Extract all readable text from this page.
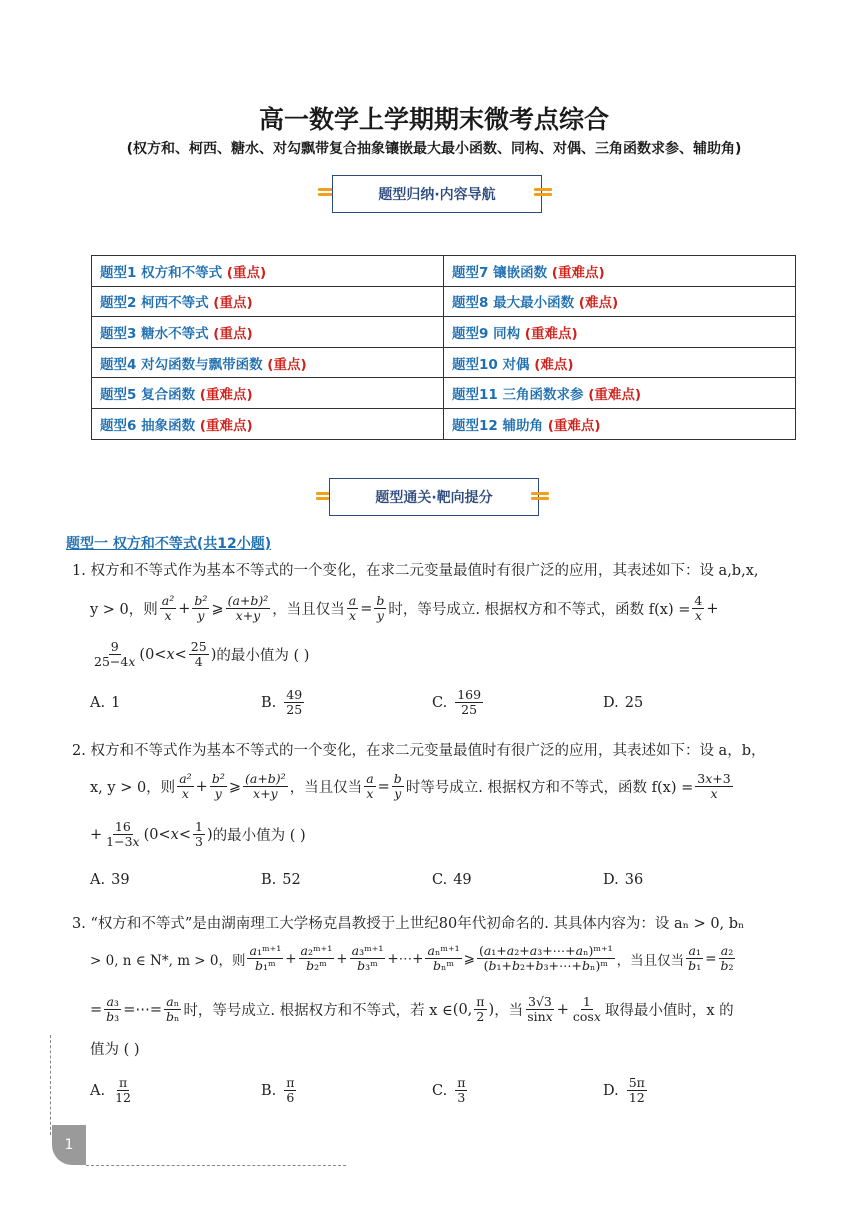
高一数学上学期期末微考点综合
(权方和、柯西、糖水、对勾飘带复合抽象镶嵌最大最小函数、同构、对偶、三角函数求参、辅助角)
题型归纳·内容导航
题型1 权方和不等式 (重点)	题型7 镶嵌函数 (重难点)
题型2 柯西不等式 (重点)	题型8 最大最小函数 (难点)
题型3 糖水不等式 (重点)	题型9 同构 (重难点)
题型4 对勾函数与飘带函数 (重点)	题型10 对偶 (难点)
题型5 复合函数 (重难点)	题型11 三角函数求参 (重难点)
题型6 抽象函数 (重难点)	题型12 辅助角 (重难点)
题型通关·靶向提分
题型一 权方和不等式(共12小题)
1. 权方和不等式作为基本不等式的一个变化，在求二元变量最值时有很广泛的应用，其表述如下：设 a,b,x,
y > 0，则 $\frac{\text{a²}}{x} + \frac{\text{b²}}{y}$ ⩾ $\frac{\text{(a+b)²}}{x+y}$ ，当且仅当 $\frac{a}{x} = \frac{b}{y}$ 时，等号成立. 根据权方和不等式，函数 $f(x) = \frac{4}{x}$ +
$\frac{9}{25-4x} (0<x< \frac{25}{4}$ ) 的最小值为 ( )
A. 1	B. $\frac{49}{25}$	C. $\frac{169}{25}$	D. 25
2. 权方和不等式作为基本不等式的一个变化，在求二元变量最值时有很广泛的应用，其表述如下：设 a，b，
x, y > 0，则 $\frac{\text{a²}}{x} + \frac{\text{b²}}{y}$ ⩾ $\frac{\text{(a+b)²}}{x+y}$ ，当且仅当 $\frac{a}{x} = \frac{b}{y}$ 时等号成立. 根据权方和不等式，函数 $f(x) = \frac{3x+3}{x}$
+ $\frac{16}{1-3x} (0<x< \frac{1}{3}$ ) 的最小值为 ( )
A. 39	B. 52	C. 49	D. 36
3. “权方和不等式”是由湖南理工大学杨克昌教授于上世纪80年代初命名的. 其具体内容为：设 aₙ > 0, bₙ
> 0, n ∈ N*, m > 0，则 $\frac{\text{a₁ᵐ⁺¹}}{\text{b₁ᵐ}} + \frac{\text{a₂ᵐ⁺¹}}{\text{b₂ᵐ}} + \frac{\text{a₃ᵐ⁺¹}}{\text{b₃ᵐ}}$ +⋯+ $\frac{\text{aₙᵐ⁺¹}}{\text{bₙᵐ}}$ ⩾ $\frac{\text{(a₁+a₂+a₃+⋯+aₙ)ᵐ⁺¹}}{\text{(b₁+b₂+b₃+⋯+bₙ)ᵐ}}$ ，当且仅当 $\frac{\text{a₁}}{\text{b₁}} = \frac{\text{a₂}}{\text{b₂}}$
= $\frac{\text{a₃}}{\text{b₃}}$ =⋯= $\frac{\text{aₙ}}{\text{bₙ}}$ 时，等号成立. 根据权方和不等式，若 x ∈ (0, $\frac{\pi}{2}$ ) ，当 $\frac{3√3}{\sin x} + \frac{1}{\cos x}$ 取得最小值时，x 的
值为 ( )
A. $\frac{\pi}{12}$	B. $\frac{\pi}{6}$	C. $\frac{\pi}{3}$	D. $\frac{5\pi}{12}$
1
